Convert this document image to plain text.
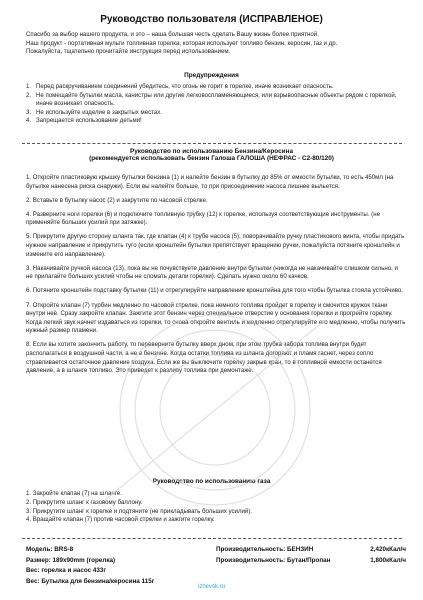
Руководство пользователя (ИСПРАВЛЕНОЕ)

Спасибо за выбор нашего продукта, и это – наша большая честь сделать Вашу жизнь более приятной.

Наш продукт - портативная мульти топливная горелка, которая использует топливо бензин, керосин, газ и др.

Пожалуйста, тщательно прочитайте инструкция перед использованием.

Предупреждения
1. Перед раскручиванием соединений убедитесь, что огонь не горит в горелке, иначе возникает опасность.
2. Не помещайте бутылки масла, канистры или другие легковоспламеняющиеся, или взрывоопасные объекты рядом с горелкой, иначе возникает опасность.
3. Не используйте изделие в закрытых местах.
4. Запрещается использование детьми!
Руководство по использованию Бензина/Керосина
(рекомендуется использовать бензин Галоша ГАЛОША (НЕФРАС - С2-80/120)

1. Откройте пластиковую крышку бутылки бензина (1) и налейте бензин в бутылку до 85% от емкости бутылки, то есть 450мл (на бутылке нанесена риска снаружи). Если вы налейте больше, то при присоединении насоса лишнее выльется.

2. Вставьте в бутылку насос (2) и закрутите по часовой стрелке.

4. Разверните ноги горелки (6) и подключите топливную трубку (12) к горелке, используя соответствующие инструменты. (не применяйте больших усилий при затяжке).

5. Прикрутите другую сторону шланга так, где клапан (4) к трубе насоса (5), поворачивайте ручку пластикового винта, чтобы придать нужное направление и прикрутить туго (если кронштейн бутылки препятствует вращению ручки, пожалуйста потяните кронштейн и измените его направление).

3. Накачивайте ручкой насоса (13), пока вы не почувствуете давление внутри бутылки (никогда не накачивайте слишком сильно, и не прилагайте больших усилий чтобы не сломать детали горелки). Сделать нужно около 60 качков.

6. Потяните кронштейн подставку бутылки (11) и отрегулируйте направление кронштейна для того чтобы бутылка стояла устойчиво.

7. Откройте клапан (7) турбин медленно по часовой стрелке, пока немного топлива пройдет в горелку и смочится кружок ткани внутри неё. Сразу закройте клапан. Зажгите этот бензин через специальное отверстие у основания горелки и прогрейте горелку. Когда легкий звук начнет издаваться из горелки, то снова откройте вентиль и медленно отрегулируйте его медленно, чтобы получить нужный размер пламени.

8. Если вы хотите закончить работу, то переверните бутылку вверх дном, при этом трубка забора топлива внутри будет располагаться в воздушной части, а не в бензине. Когда остатки топлива из шланга догорают и пламя гаснет, через сопло стравливается остаточное давление воздуха. Если же вы выключите горелку закрыв кран, то в топливной емкости останется давление, а в шланге топливо. Это приведет к разливу топлива при демонтаже.

Руководство по использованию газа

1. Закройте клапан (7) на шланге.

2. Прикрутите шланг к газовому баллону.

3. Прикрутите шланг к горелке и подтяните (не прикладывать больших усилий).

4. Вращайте клапан (7) против часовой стрелки и зажгите горелку.

Модель: BRS-8	Производительность: БЕНЗИН	2,420кКал/ч
Размер: 189x90mm (горелка)	Производительность: Бутан/Пропан	1,800кКал/ч
Вес: горелка и насос 433г
Вес: Бутылка для бензина/керосина 115г
izhevsk.ru
